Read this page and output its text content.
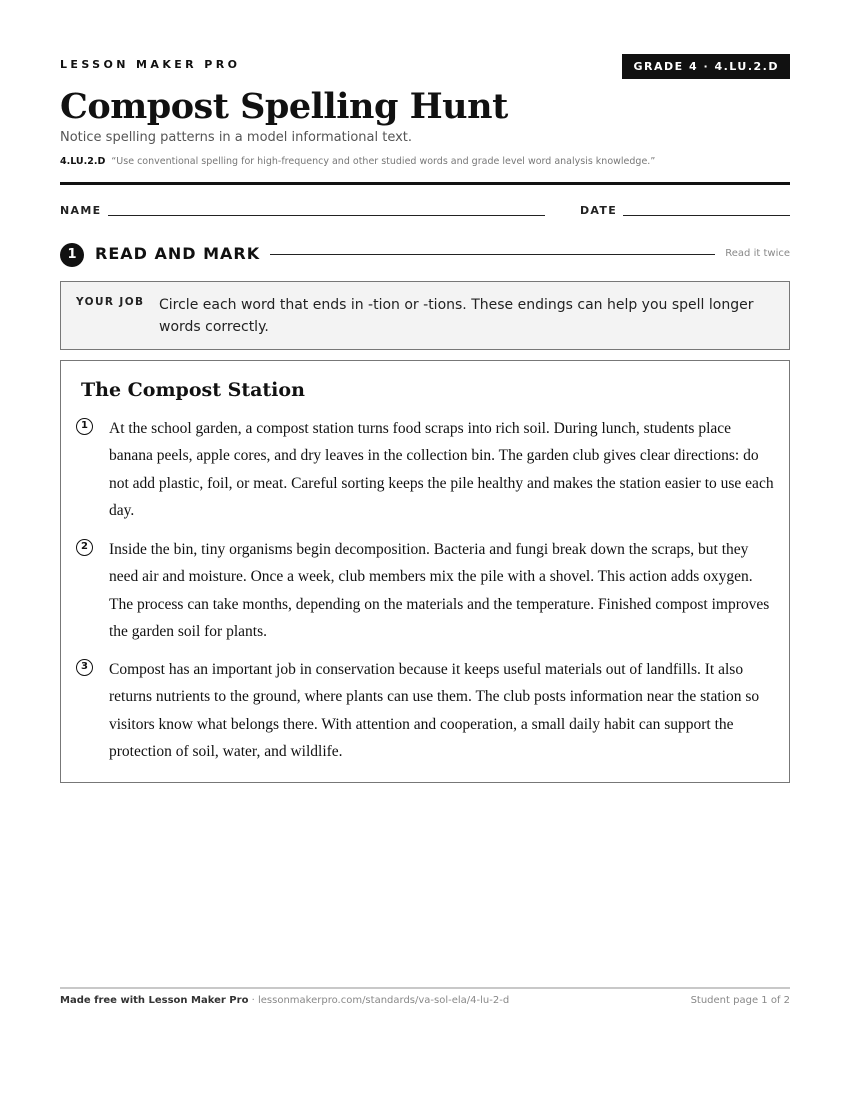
LESSON MAKER PRO	GRADE 4 · 4.LU.2.D
Compost Spelling Hunt
Notice spelling patterns in a model informational text.
4.LU.2.D “Use conventional spelling for high-frequency and other studied words and grade level word analysis knowledge.”
NAME	DATE
1	READ AND MARK	Read it twice
YOUR JOB Circle each word that ends in -tion or -tions. These endings can help you spell longer words correctly.
The Compost Station
1	At the school garden, a compost station turns food scraps into rich soil. During lunch, students place banana peels, apple cores, and dry leaves in the collection bin. The garden club gives clear directions: do not add plastic, foil, or meat. Careful sorting keeps the pile healthy and makes the station easier to use each day.

2	Inside the bin, tiny organisms begin decomposition. Bacteria and fungi break down the scraps, but they need air and moisture. Once a week, club members mix the pile with a shovel. This action adds oxygen. The process can take months, depending on the materials and the temperature. Finished compost improves the garden soil for plants.

3	Compost has an important job in conservation because it keeps useful materials out of landfills. It also returns nutrients to the ground, where plants can use them. The club posts information near the station so visitors know what belongs there. With attention and cooperation, a small daily habit can support the protection of soil, water, and wildlife.

Made free with Lesson Maker Pro · lessonmakerpro.com/standards/va-sol-ela/4-lu-2-d	Student page 1 of 2
